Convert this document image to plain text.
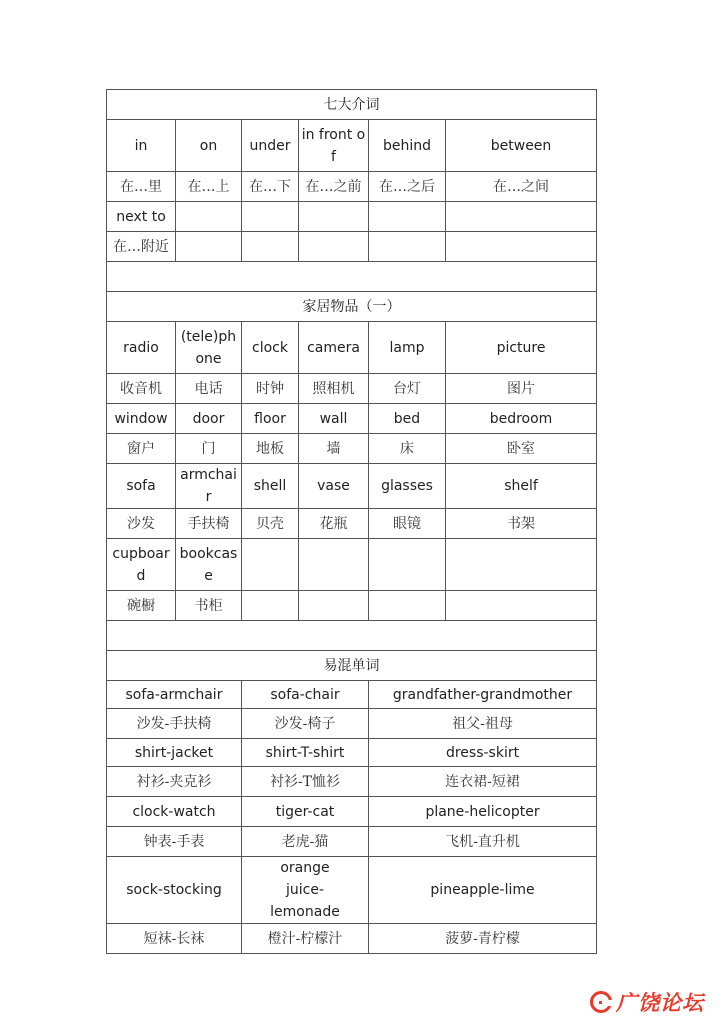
七大介词					
in	on	under	in front of	behind	between
在…里	在…上	在…下	在…之前	在…之后	在…之间
next to					
在…附近					

家居物品（一）					
radio	(tele)phone	clock	camera	lamp	picture
收音机	电话	时钟	照相机	台灯	图片
window	door	floor	wall	bed	bedroom
窗户	门	地板	墙	床	卧室
sofa	armchair	shell	vase	glasses	shelf
沙发	手扶椅	贝壳	花瓶	眼镜	书架
cupboard	bookcase				
碗橱	书柜				

易混单词					
sofa-armchair		sofa-chair		grandfather-grandmother	
沙发-手扶椅		沙发-椅子		祖父-祖母	
shirt-jacket		shirt-T-shirt		dress-skirt	
衬衫-夹克衫		衬衫-T恤衫		连衣裙-短裙	
clock-watch		tiger-cat		plane-helicopter	
钟表-手表		老虎-猫		飞机-直升机	
sock-stocking		orange juice-lemonade		pineapple-lime	
短袜-长袜		橙汁-柠檬汁		菠萝-青柠檬	
广饶论坛
